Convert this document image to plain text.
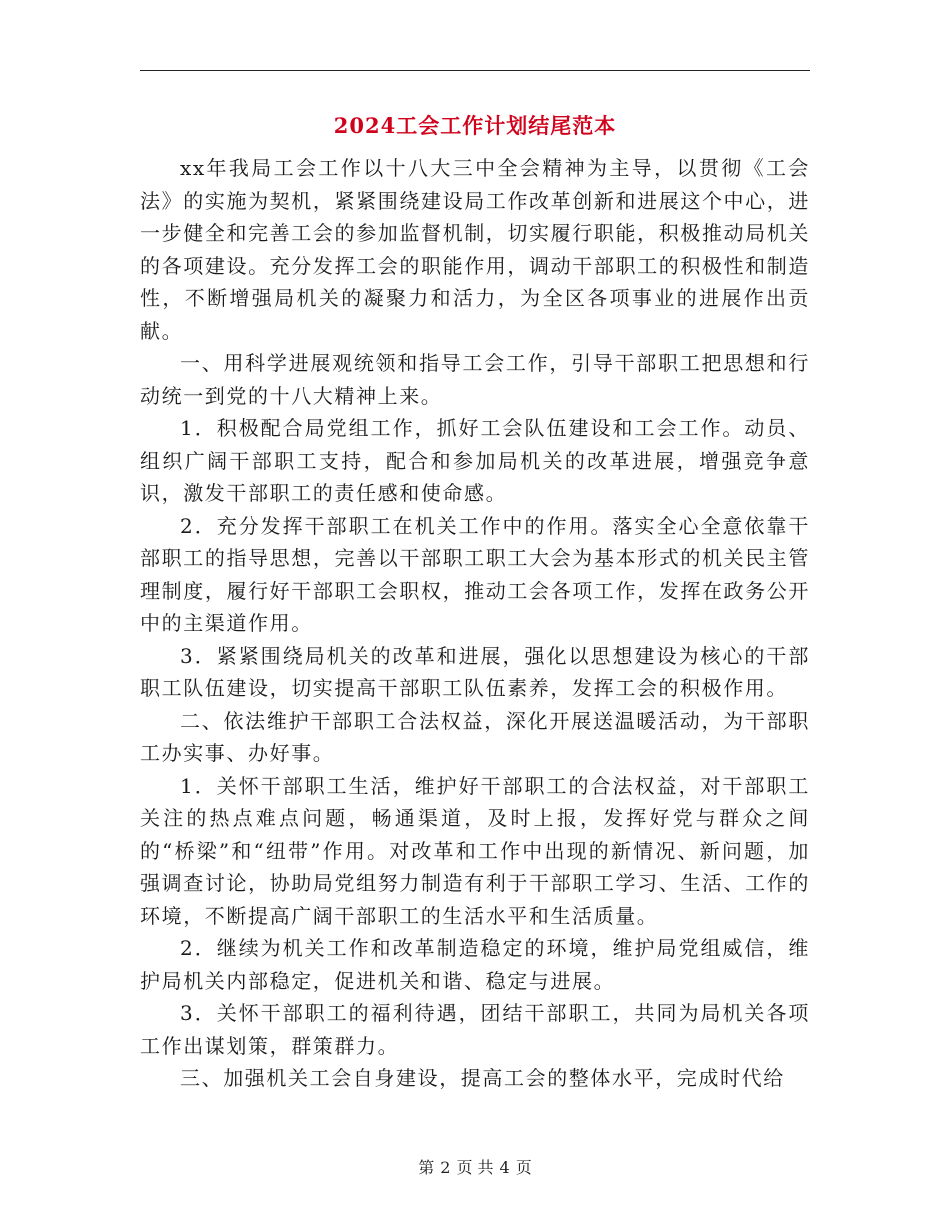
2024工会工作计划结尾范本

xx年我局工会工作以十八大三中全会精神为主导，以贯彻《工会法》的实施为契机，紧紧围绕建设局工作改革创新和进展这个中心，进一步健全和完善工会的参加监督机制，切实履行职能，积极推动局机关的各项建设。充分发挥工会的职能作用，调动干部职工的积极性和制造性，不断增强局机关的凝聚力和活力，为全区各项事业的进展作出贡献。

一、用科学进展观统领和指导工会工作，引导干部职工把思想和行动统一到党的十八大精神上来。

1．积极配合局党组工作，抓好工会队伍建设和工会工作。动员、组织广阔干部职工支持，配合和参加局机关的改革进展，增强竞争意识，激发干部职工的责任感和使命感。

2．充分发挥干部职工在机关工作中的作用。落实全心全意依靠干部职工的指导思想，完善以干部职工职工大会为基本形式的机关民主管理制度，履行好干部职工会职权，推动工会各项工作，发挥在政务公开中的主渠道作用。

3．紧紧围绕局机关的改革和进展，强化以思想建设为核心的干部职工队伍建设，切实提高干部职工队伍素养，发挥工会的积极作用。

二、依法维护干部职工合法权益，深化开展送温暖活动，为干部职工办实事、办好事。

1．关怀干部职工生活，维护好干部职工的合法权益，对干部职工关注的热点难点问题，畅通渠道，及时上报，发挥好党与群众之间的“桥梁”和“纽带”作用。对改革和工作中出现的新情况、新问题，加强调查讨论，协助局党组努力制造有利于干部职工学习、生活、工作的环境，不断提高广阔干部职工的生活水平和生活质量。

2．继续为机关工作和改革制造稳定的环境，维护局党组威信，维护局机关内部稳定，促进机关和谐、稳定与进展。

3．关怀干部职工的福利待遇，团结干部职工，共同为局机关各项工作出谋划策，群策群力。

三、加强机关工会自身建设，提高工会的整体水平，完成时代给

第 2 页 共 4 页
